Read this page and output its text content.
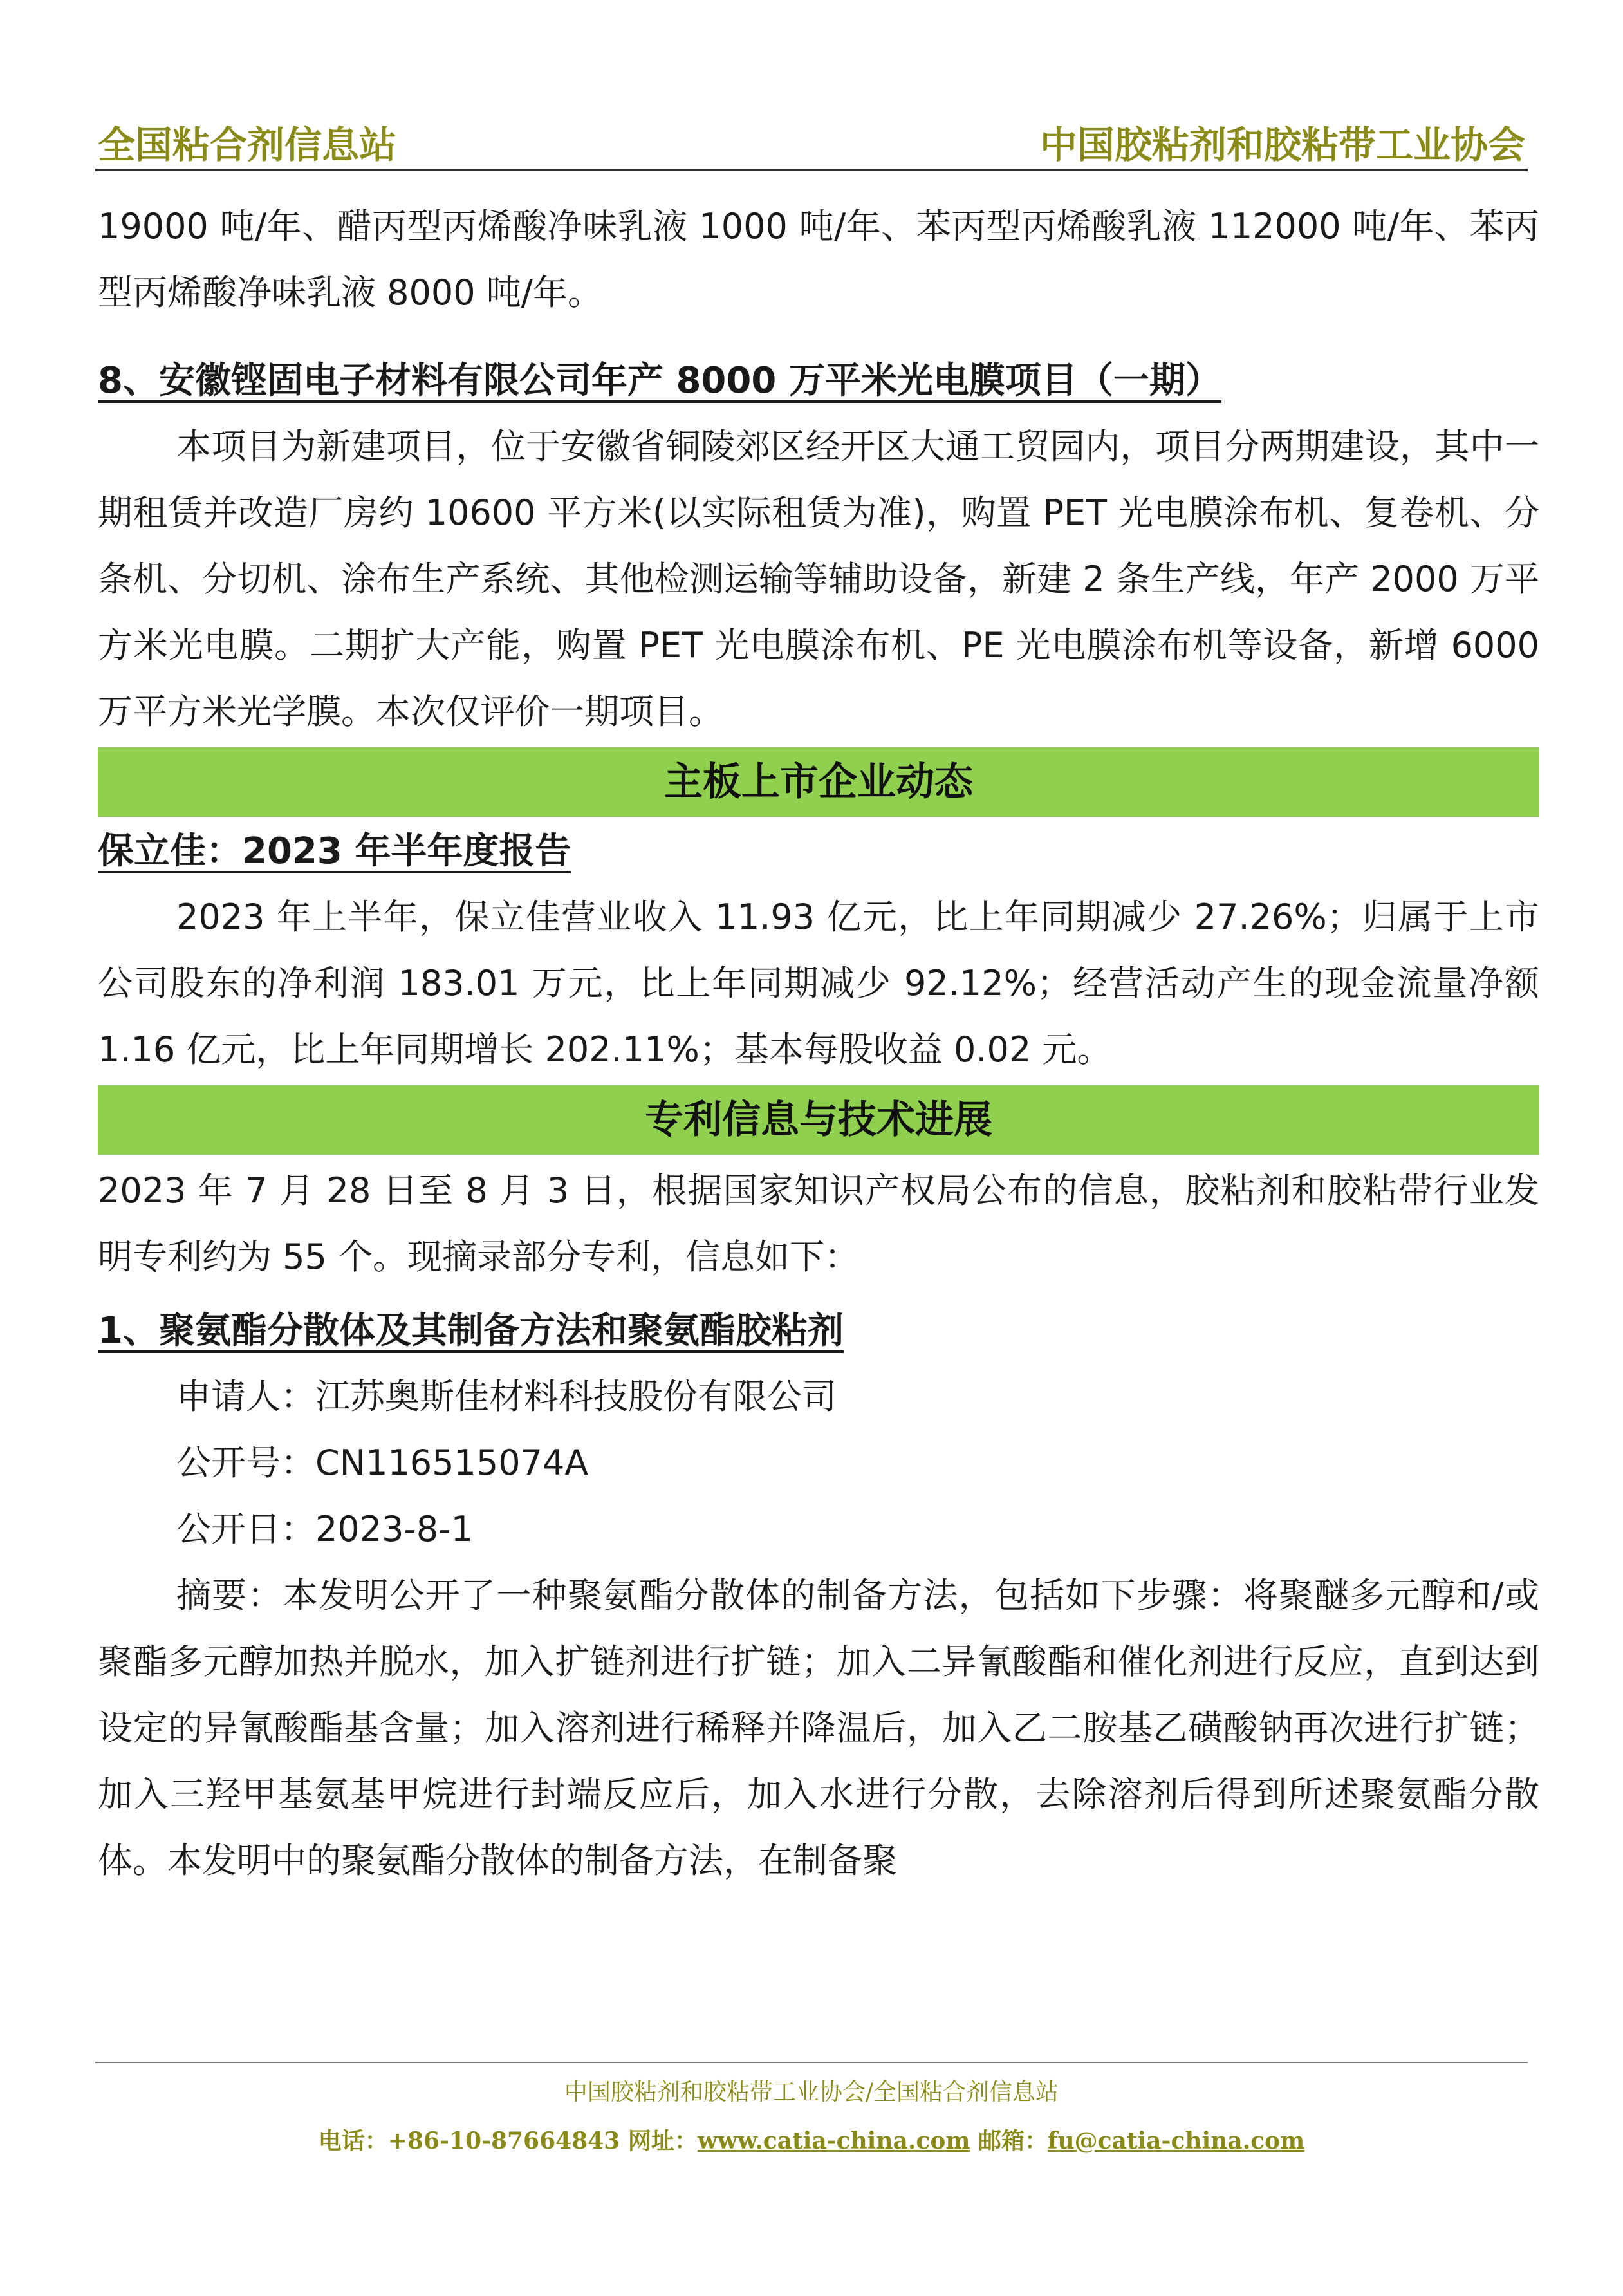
全国粘合剂信息站	中国胶粘剂和胶粘带工业协会

19000 吨/年、醋丙型丙烯酸净味乳液 1000 吨/年、苯丙型丙烯酸乳液 112000 吨/年、苯丙型丙烯酸净味乳液 8000 吨/年。

8、安徽铿固电子材料有限公司年产 8000 万平米光电膜项目（一期）

本项目为新建项目，位于安徽省铜陵郊区经开区大通工贸园内，项目分两期建设，其中一期租赁并改造厂房约 10600 平方米(以实际租赁为准)，购置 PET 光电膜涂布机、复卷机、分条机、分切机、涂布生产系统、其他检测运输等辅助设备，新建 2 条生产线，年产 2000 万平方米光电膜。二期扩大产能，购置 PET 光电膜涂布机、PE 光电膜涂布机等设备，新增 6000 万平方米光学膜。本次仅评价一期项目。

主板上市企业动态

保立佳：2023 年半年度报告

2023 年上半年，保立佳营业收入 11.93 亿元，比上年同期减少 27.26%；归属于上市公司股东的净利润 183.01 万元，比上年同期减少 92.12%；经营活动产生的现金流量净额 1.16 亿元，比上年同期增长 202.11%；基本每股收益 0.02 元。

专利信息与技术进展

2023 年 7 月 28 日至 8 月 3 日，根据国家知识产权局公布的信息，胶粘剂和胶粘带行业发明专利约为 55 个。现摘录部分专利，信息如下：

1、聚氨酯分散体及其制备方法和聚氨酯胶粘剂

申请人：江苏奥斯佳材料科技股份有限公司

公开号：CN116515074A

公开日：2023-8-1

摘要：本发明公开了一种聚氨酯分散体的制备方法，包括如下步骤：将聚醚多元醇和/或聚酯多元醇加热并脱水，加入扩链剂进行扩链；加入二异氰酸酯和催化剂进行反应，直到达到设定的异氰酸酯基含量；加入溶剂进行稀释并降温后，加入乙二胺基乙磺酸钠再次进行扩链；加入三羟甲基氨基甲烷进行封端反应后，加入水进行分散，去除溶剂后得到所述聚氨酯分散体。本发明中的聚氨酯分散体的制备方法，在制备聚

中国胶粘剂和胶粘带工业协会/全国粘合剂信息站
电话：+86-10-87664843 网址：www.catia-china.com 邮箱：fu@catia-china.com
